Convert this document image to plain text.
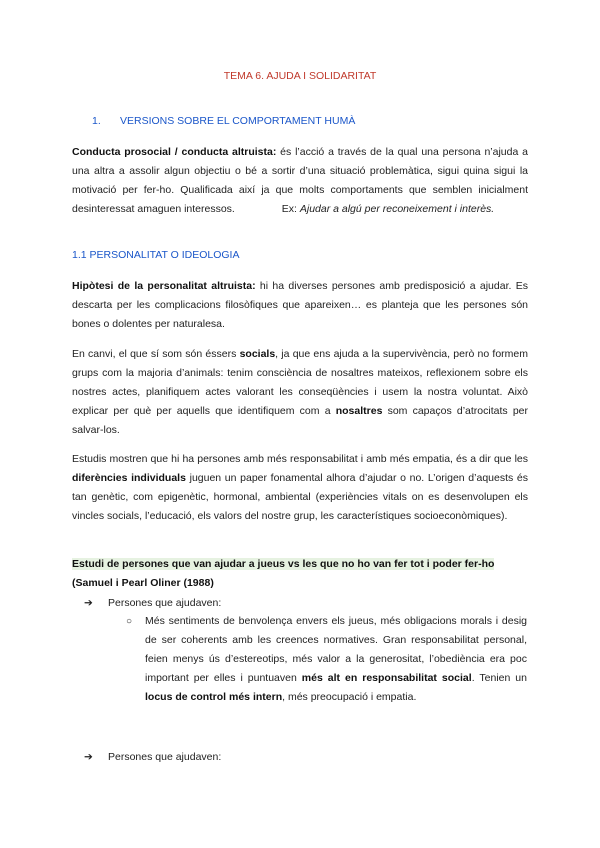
TEMA 6. AJUDA I SOLIDARITAT
1. VERSIONS SOBRE EL COMPORTAMENT HUMÀ
Conducta prosocial / conducta altruista: és l’acció a través de la qual una persona n’ajuda a una altra a assolir algun objectiu o bé a sortir d’una situació problemàtica, sigui quina sigui la motivació per fer-ho. Qualificada així ja que molts comportaments que semblen inicialment desinteressat amaguen interessos.	Ex: Ajudar a algú per reconeixement i interès.
1.1 PERSONALITAT O IDEOLOGIA
Hipòtesi de la personalitat altruista: hi ha diverses persones amb predisposició a ajudar. Es descarta per les complicacions filosòfiques que apareixen… es planteja que les persones són bones o dolentes per naturalesa.
En canvi, el que sí som són éssers socials, ja que ens ajuda a la supervivència, però no formem grups com la majoria d’animals: tenim consciència de nosaltres mateixos, reflexionem sobre els nostres actes, planifiquem actes valorant les conseqüències i usem la nostra voluntat. Això explicar per què per aquells que identifiquem com a nosaltres som capaços d’atrocitats per salvar-los.
Estudis mostren que hi ha persones amb més responsabilitat i amb més empatia, és a dir que les diferències individuals juguen un paper fonamental alhora d’ajudar o no. L’origen d’aquests és tan genètic, com epigenètic, hormonal, ambiental (experiències vitals on es desenvolupen els vincles socials, l’educació, els valors del nostre grup, les característiques socioeconòmiques).
Estudi de persones que van ajudar a jueus vs les que no ho van fer tot i poder fer-ho
(Samuel i Pearl Oliner (1988)
➔ Persones que ajudaven:
○ Més sentiments de benvolença envers els jueus, més obligacions morals i desig de ser coherents amb les creences normatives. Gran responsabilitat personal, feien menys ús d’estereotips, més valor a la generositat, l’obediència era poc important per elles i puntuaven més alt en responsabilitat social. Tenien un locus de control més intern, més preocupació i empatia.
➔ Persones que ajudaven:
